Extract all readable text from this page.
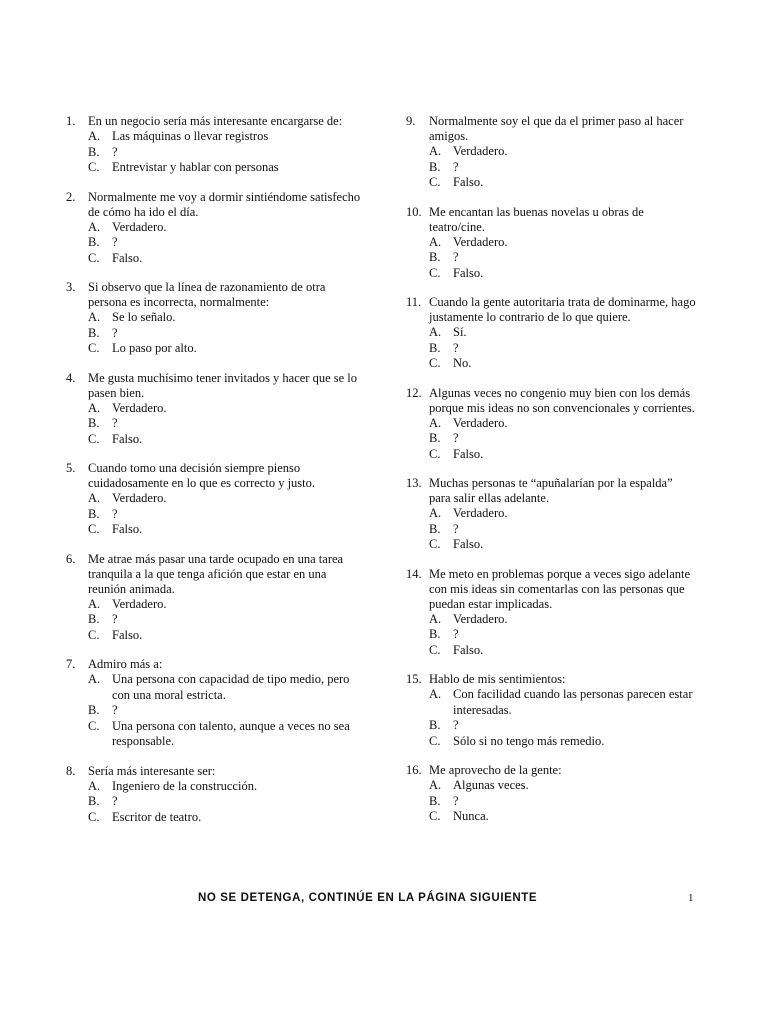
1.	En un negocio sería más interesante encargarse de:
A. Las máquinas o llevar registros
B.	?
C.	Entrevistar y hablar con personas
2.	Normalmente me voy a dormir sintiéndome satisfecho de cómo ha ido el día.
A. Verdadero.
B.	?
C.	Falso.
3.	Si observo que la línea de razonamiento de otra persona es incorrecta, normalmente:
A. Se lo señalo.
B.	?
C.	Lo paso por alto.
4.	Me gusta muchísimo tener invitados y hacer que se lo pasen bien.
A. Verdadero.
B.	?
C.	Falso.
5.	Cuando tomo una decisión siempre pienso cuidadosamente en lo que es correcto y justo.
A. Verdadero.
B.	?
C.	Falso.
6.	Me atrae más pasar una tarde ocupado en una tarea tranquila a la que tenga afición que estar en una reunión animada.
A. Verdadero.
B.	?
C.	Falso.
7.	Admiro más a:
A. Una persona con capacidad de tipo medio, pero con una moral estricta.
B.	?
C.	Una persona con talento, aunque a veces no sea responsable.
8.	Sería más interesante ser:
A. Ingeniero de la construcción.
B.	?
C.	Escritor de teatro.
9.	Normalmente soy el que da el primer paso al hacer amigos.
A. Verdadero.
B.	?
C.	Falso.
10. Me encantan las buenas novelas u obras de teatro/cine.
A. Verdadero.
B.	?
C.	Falso.
11. Cuando la gente autoritaria trata de dominarme, hago justamente lo contrario de lo que quiere.
A. Sí.
B.	?
C.	No.
12. Algunas veces no congenio muy bien con los demás porque mis ideas no son convencionales y corrientes.
A. Verdadero.
B.	?
C.	Falso.
13. Muchas personas te “apuñalarían por la espalda” para salir ellas adelante.
A. Verdadero.
B.	?
C.	Falso.
14. Me meto en problemas porque a veces sigo adelante con mis ideas sin comentarlas con las personas que puedan estar implicadas.
A. Verdadero.
B.	?
C.	Falso.
15. Hablo de mis sentimientos:
A. Con facilidad cuando las personas parecen estar interesadas.
B.	?
C.	Sólo si no tengo más remedio.
16. Me aprovecho de la gente:
A. Algunas veces.
B.	?
C.	Nunca.
NO SE DETENGA, CONTINÚE EN LA PÁGINA SIGUIENTE	1
